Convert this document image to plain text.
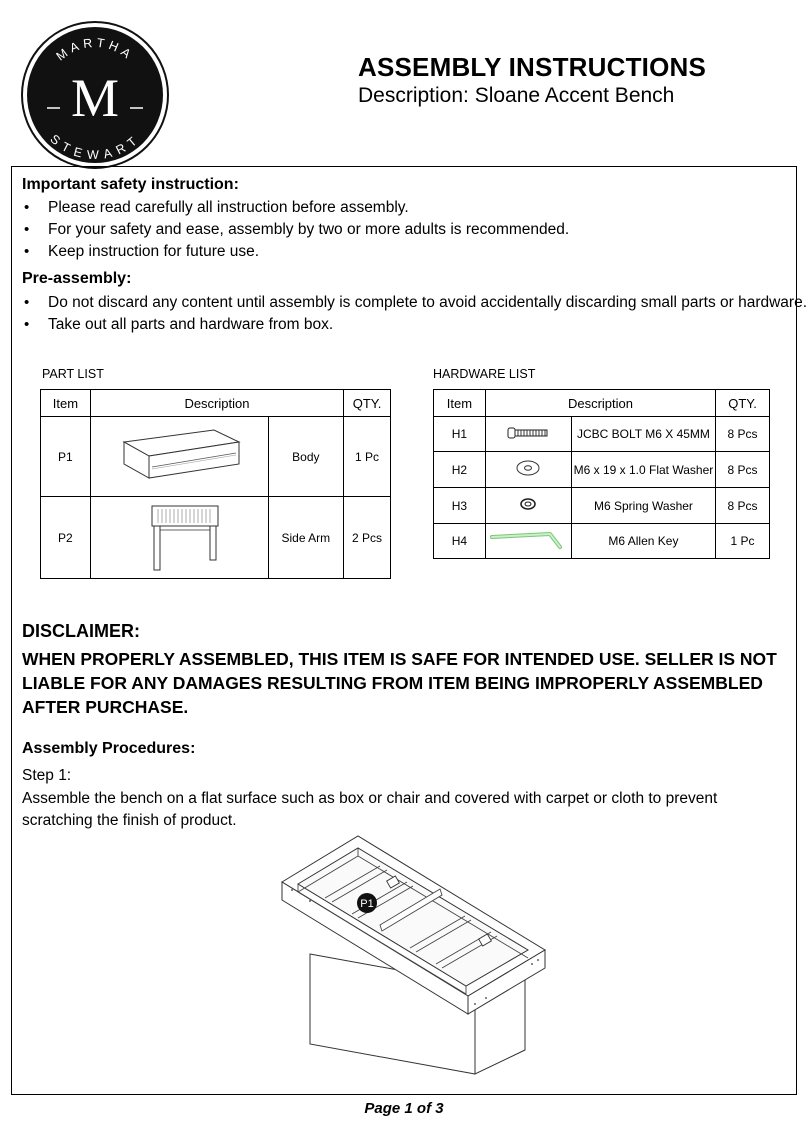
MARTHA
STEWART
M
ASSEMBLY INSTRUCTIONS
Description: Sloane Accent Bench
Important safety instruction:
• Please read carefully all instruction before assembly.
• For your safety and ease, assembly by two or more adults is recommended.
• Keep instruction for future use.
Pre-assembly:
• Do not discard any content until assembly is complete to avoid accidentally discarding small parts or hardware.
• Take out all parts and hardware from box.
PART LIST
Item	Description		QTY.
P1		Body	1 Pc
P2		Side Arm	2 Pcs
HARDWARE LIST
Item	Description		QTY.
H1		JCBC BOLT M6 X 45MM	8 Pcs
H2		M6 x 19 x 1.0 Flat Washer	8 Pcs
H3		M6 Spring Washer	8 Pcs
H4		M6 Allen Key	1 Pc
DISCLAIMER:
WHEN PROPERLY ASSEMBLED, THIS ITEM IS SAFE FOR INTENDED USE. SELLER IS NOT LIABLE FOR ANY DAMAGES RESULTING FROM ITEM BEING IMPROPERLY ASSEMBLED AFTER PURCHASE.
Assembly Procedures:
Step 1:
Assemble the bench on a flat surface such as box or chair and covered with carpet or cloth to prevent scratching the finish of product.
P1
Page 1 of 3
